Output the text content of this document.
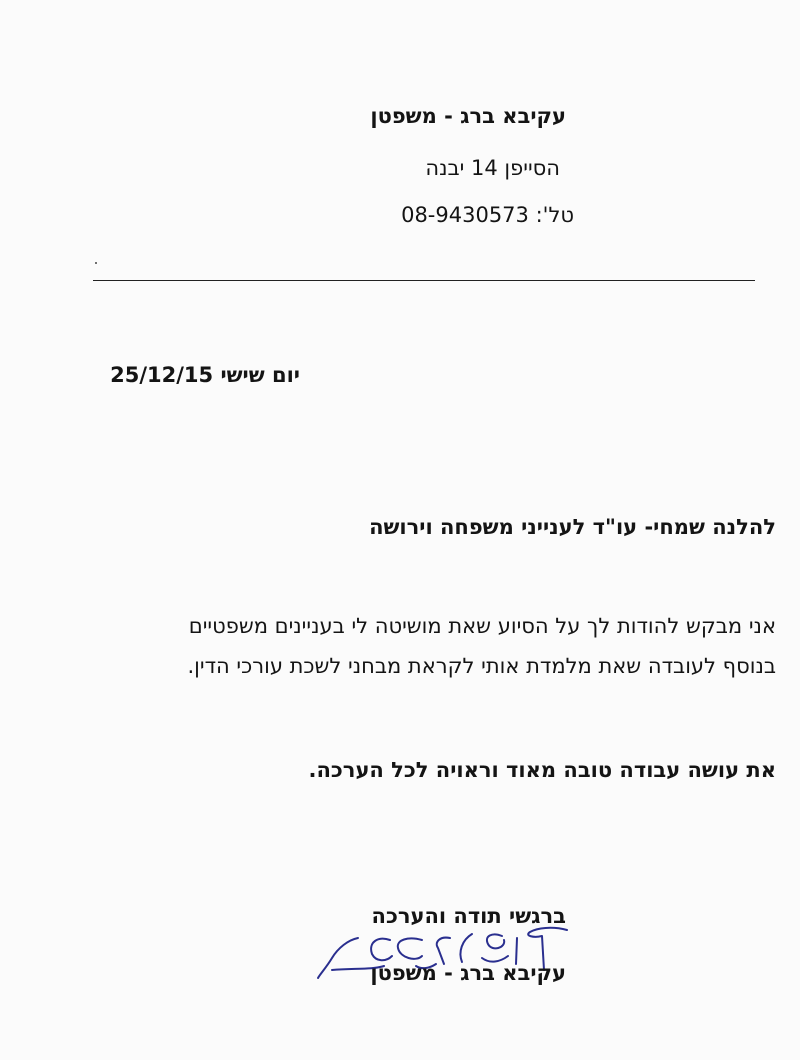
עקיבא ברג - משפטן
הסייפן 14 יבנה
טל': 08-9430573
יום שישי 25/12/15
להלנה שמחי- עו"ד לענייני משפחה וירושה
אני מבקש להודות לך על הסיוע שאת מושיטה לי בעניינים משפטיים
בנוסף לעובדה שאת מלמדת אותי לקראת מבחני לשכת עורכי הדין.
את עושה עבודה טובה מאוד וראויה לכל הערכה.
ברגשי תודה והערכה
עקיבא ברג - משפטן
